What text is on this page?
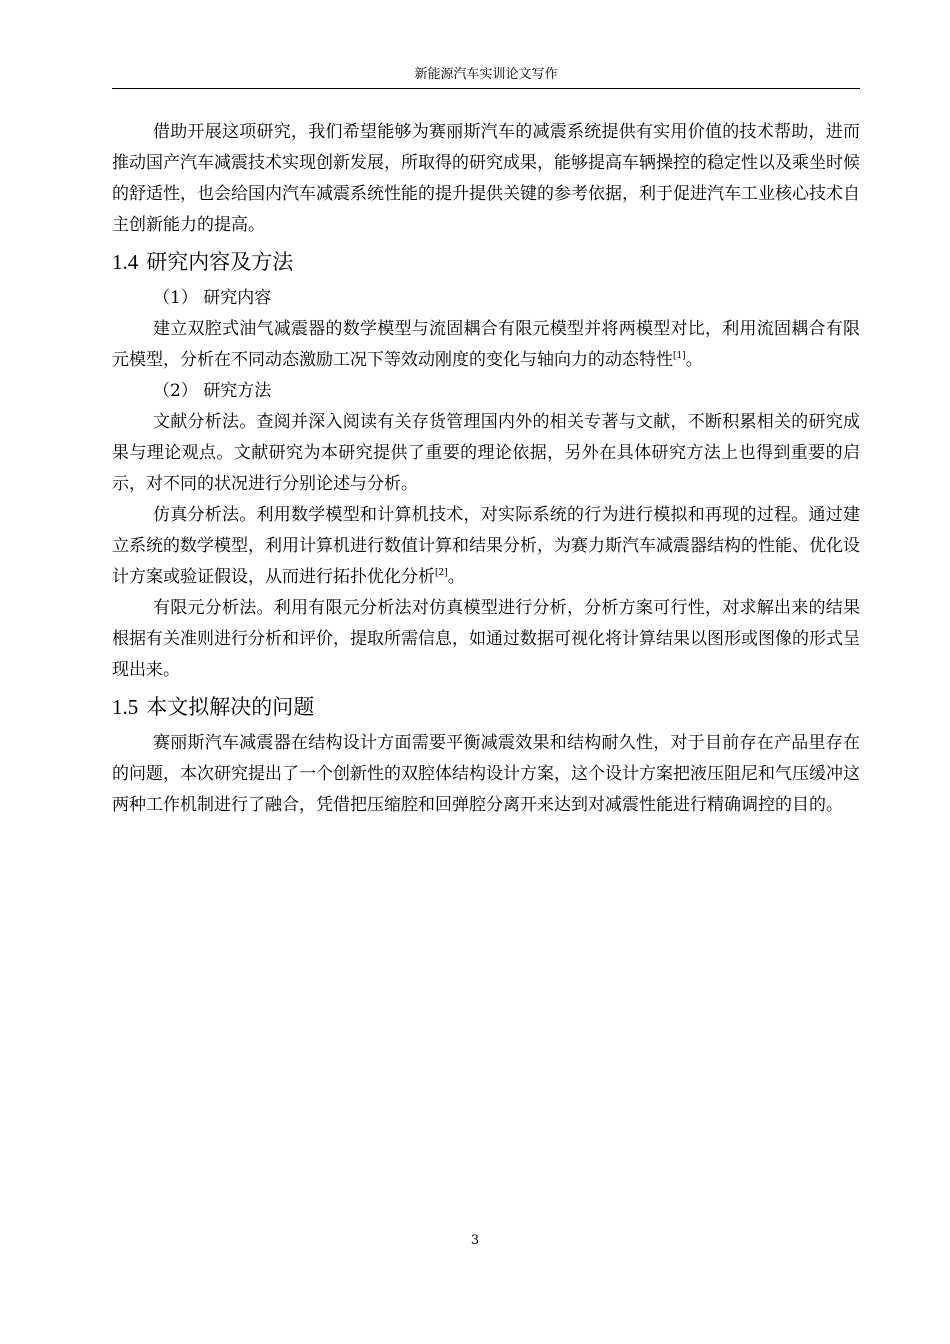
新能源汽车实训论文写作

借助开展这项研究，我们希望能够为赛丽斯汽车的减震系统提供有实用价值的技术帮助，进而推动国产汽车减震技术实现创新发展，所取得的研究成果，能够提高车辆操控的稳定性以及乘坐时候的舒适性，也会给国内汽车减震系统性能的提升提供关键的参考依据，利于促进汽车工业核心技术自主创新能力的提高。

1.4 研究内容及方法

（1） 研究内容

建立双腔式油气减震器的数学模型与流固耦合有限元模型并将两模型对比，利用流固耦合有限元模型，分析在不同动态激励工况下等效动刚度的变化与轴向力的动态特性[1]。

（2） 研究方法

文献分析法。查阅并深入阅读有关存货管理国内外的相关专著与文献，不断积累相关的研究成果与理论观点。文献研究为本研究提供了重要的理论依据，另外在具体研究方法上也得到重要的启示，对不同的状况进行分别论述与分析。

仿真分析法。利用数学模型和计算机技术，对实际系统的行为进行模拟和再现的过程。通过建立系统的数学模型，利用计算机进行数值计算和结果分析，为赛力斯汽车减震器结构的性能、优化设计方案或验证假设，从而进行拓扑优化分析[2]。

有限元分析法。利用有限元分析法对仿真模型进行分析，分析方案可行性，对求解出来的结果根据有关准则进行分析和评价，提取所需信息，如通过数据可视化将计算结果以图形或图像的形式呈现出来。

1.5 本文拟解决的问题

赛丽斯汽车减震器在结构设计方面需要平衡减震效果和结构耐久性，对于目前存在产品里存在的问题，本次研究提出了一个创新性的双腔体结构设计方案，这个设计方案把液压阻尼和气压缓冲这两种工作机制进行了融合，凭借把压缩腔和回弹腔分离开来达到对减震性能进行精确调控的目的。

3
